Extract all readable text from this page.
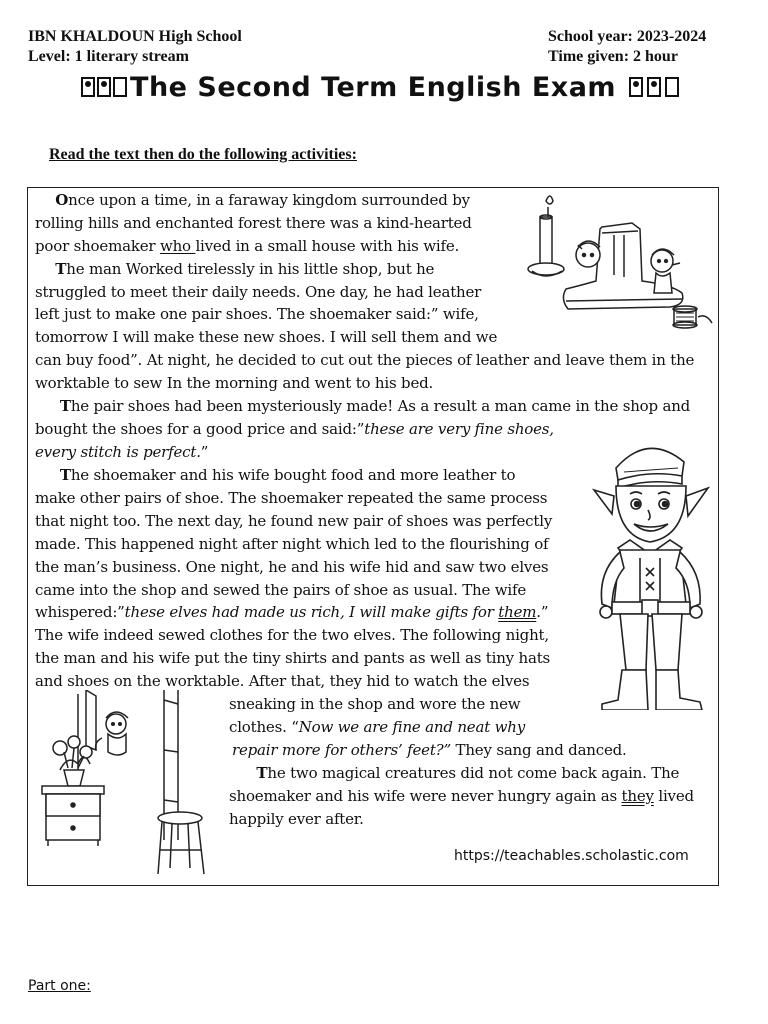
IBN KHALDOUN High School
Level: 1 literary stream
School year: 2023-2024
Time given: 2 hour
The Second Term English Exam
Read the text then do the following activities:
Once upon a time, in a faraway kingdom surrounded by
rolling hills and enchanted forest there was a kind-hearted
poor shoemaker who lived in a small house with his wife.
The man Worked tirelessly in his little shop, but he
struggled to meet their daily needs. One day, he had leather
left just to make one pair shoes. The shoemaker said:” wife,
tomorrow I will make these new shoes. I will sell them and we
can buy food”. At night, he decided to cut out the pieces of leather and leave them in the
worktable to sew In the morning and went to his bed.
The pair shoes had been mysteriously made! As a result a man came in the shop and
bought the shoes for a good price and said:”these are very fine shoes,
every stitch is perfect.”
The shoemaker and his wife bought food and more leather to
make other pairs of shoe. The shoemaker repeated the same process
that night too. The next day, he found new pair of shoes was perfectly
made. This happened night after night which led to the flourishing of
the man’s business. One night, he and his wife hid and saw two elves
came into the shop and sewed the pairs of shoe as usual. The wife
whispered:”these elves had made us rich, I will make gifts for them.”
The wife indeed sewed clothes for the two elves. The following night,
the man and his wife put the tiny shirts and pants as well as tiny hats
and shoes on the worktable. After that, they hid to watch the elves
sneaking in the shop and wore the new
clothes. “Now we are fine and neat why
repair more for others’ feet?” They sang and danced.
The two magical creatures did not come back again. The
shoemaker and his wife were never hungry again as they lived
happily ever after.
https://teachables.scholastic.com
Part one:
